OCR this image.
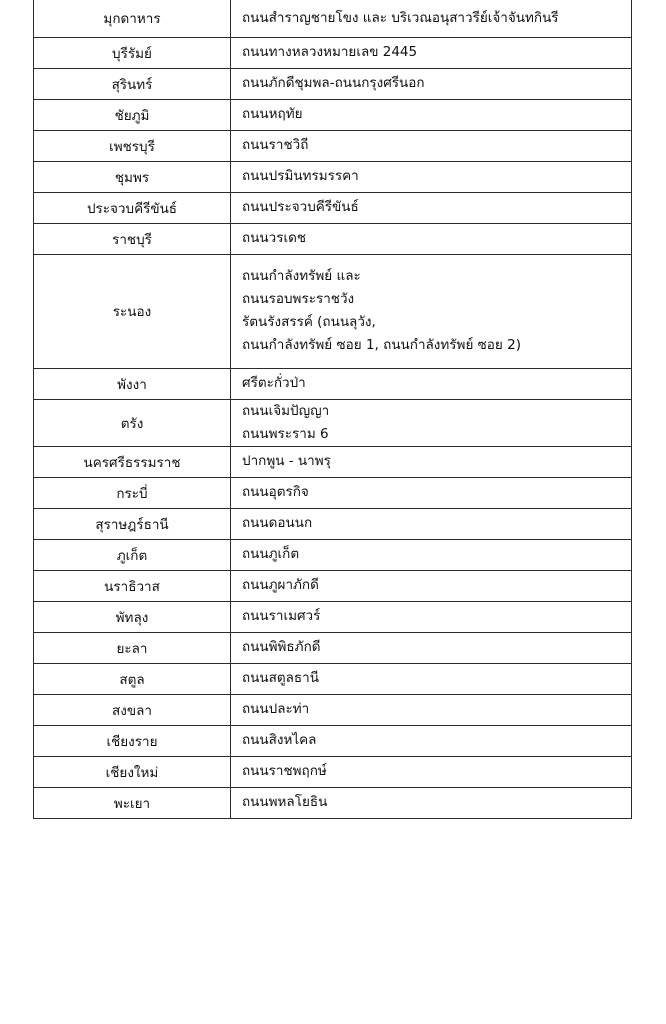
มุกดาหาร	ถนนสำราญชายโขง และ บริเวณอนุสาวรีย์เจ้าจันทกินรี

บุรีรัมย์	ถนนทางหลวงหมายเลข 2445

สุรินทร์	ถนนภักดีชุมพล-ถนนกรุงศรีนอก

ชัยภูมิ	ถนนหฤทัย

เพชรบุรี	ถนนราชวิถี

ชุมพร	ถนนปรมินทรมรรคา

ประจวบคีรีขันธ์	ถนนประจวบคีรีขันธ์

ราชบุรี	ถนนวรเดช

ระนอง	ถนนกำลังทรัพย์ และ
ถนนรอบพระราชวัง
รัตนรังสรรค์ (ถนนลุวัง,
ถนนกำลังทรัพย์ ซอย 1, ถนนกำลังทรัพย์ ซอย 2)

พังงา	ศรีตะกั่วป่า

ตรัง	ถนนเจิมปัญญา
ถนนพระราม 6

นครศรีธรรมราช	ปากพูน - นาพรุ

กระบี่	ถนนอุตรกิจ

สุราษฎร์ธานี	ถนนดอนนก

ภูเก็ต	ถนนภูเก็ต

นราธิวาส	ถนนภูผาภักดี

พัทลุง	ถนนราเมศวร์

ยะลา	ถนนพิพิธภักดี

สตูล	ถนนสตูลธานี

สงขลา	ถนนปละท่า

เชียงราย	ถนนสิงหไคล

เชียงใหม่	ถนนราชพฤกษ์

พะเยา	ถนนพหลโยธิน
